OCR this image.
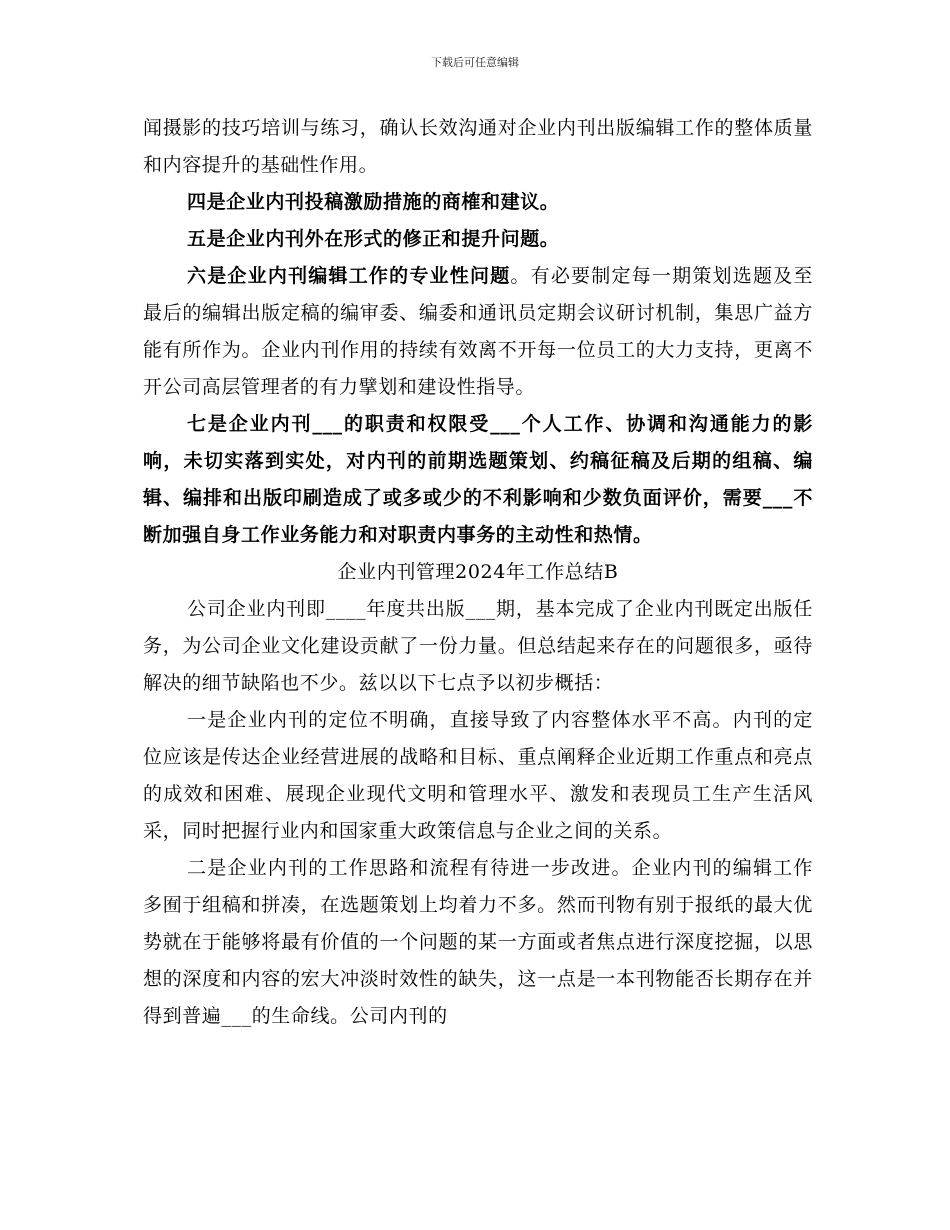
下载后可任意编辑

闻摄影的技巧培训与练习，确认长效沟通对企业内刊出版编辑工作的整体质量和内容提升的基础性作用。

四是企业内刊投稿激励措施的商榷和建议。

五是企业内刊外在形式的修正和提升问题。

六是企业内刊编辑工作的专业性问题。有必要制定每一期策划选题及至最后的编辑出版定稿的编审委、编委和通讯员定期会议研讨机制，集思广益方能有所作为。企业内刊作用的持续有效离不开每一位员工的大力支持，更离不开公司高层管理者的有力擘划和建设性指导。

七是企业内刊___的职责和权限受___个人工作、协调和沟通能力的影响，未切实落到实处，对内刊的前期选题策划、约稿征稿及后期的组稿、编辑、编排和出版印刷造成了或多或少的不利影响和少数负面评价，需要___不断加强自身工作业务能力和对职责内事务的主动性和热情。

企业内刊管理2024年工作总结B

公司企业内刊即____年度共出版___期，基本完成了企业内刊既定出版任务，为公司企业文化建设贡献了一份力量。但总结起来存在的问题很多，亟待解决的细节缺陷也不少。兹以以下七点予以初步概括：

一是企业内刊的定位不明确，直接导致了内容整体水平不高。内刊的定位应该是传达企业经营进展的战略和目标、重点阐释企业近期工作重点和亮点的成效和困难、展现企业现代文明和管理水平、激发和表现员工生产生活风采，同时把握行业内和国家重大政策信息与企业之间的关系。

二是企业内刊的工作思路和流程有待进一步改进。企业内刊的编辑工作多囿于组稿和拼凑，在选题策划上均着力不多。然而刊物有别于报纸的最大优势就在于能够将最有价值的一个问题的某一方面或者焦点进行深度挖掘，以思想的深度和内容的宏大冲淡时效性的缺失，这一点是一本刊物能否长期存在并得到普遍___的生命线。公司内刊的
